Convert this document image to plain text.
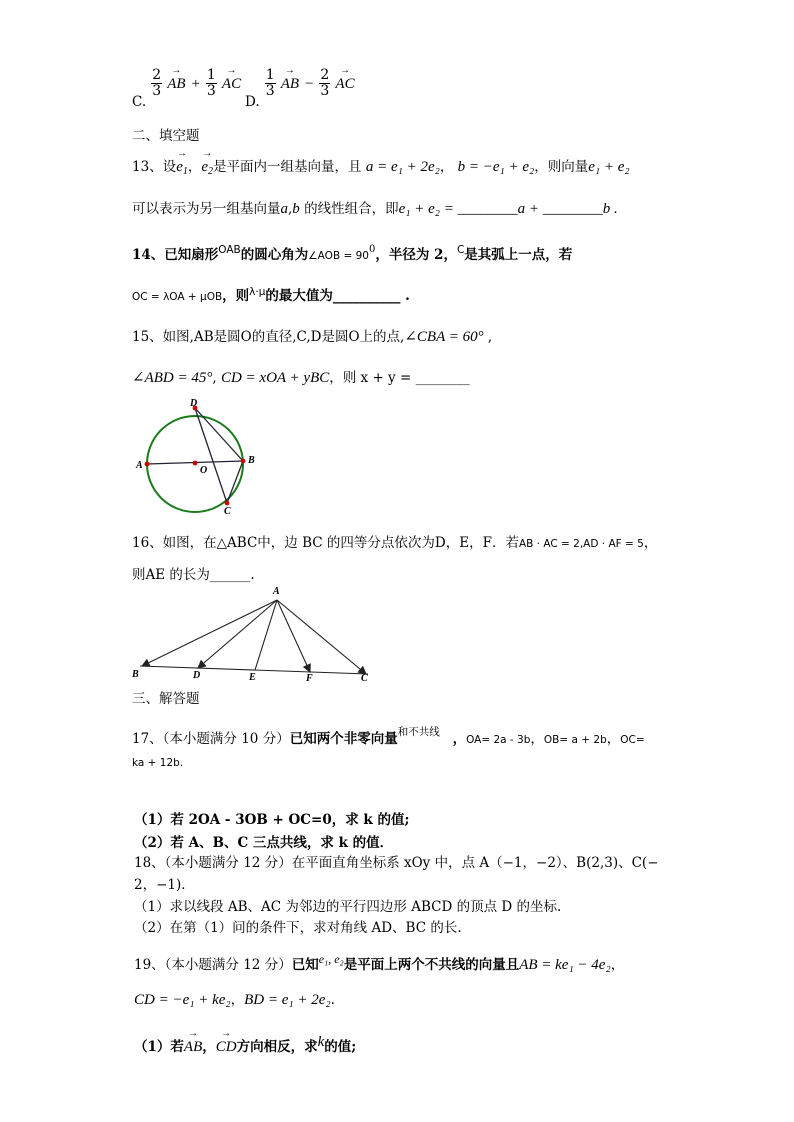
$_{C.}$
$\frac{2}{3}$ → AB + $\frac{1}{3}$ → AC
$_{D.}$
$\frac{1}{3}$ → AB − $\frac{2}{3}$ → AC
二、填空题
13、设→ $e_1$，→ $e_2$是平面内一组基向量，且 a = e₁ + 2e₂， b = −e₁ + e₂，则向量e₁ + e₂
可以表示为另一组基向量a,b 的线性组合，即e₁ + e₂ = ________a + ________b .
14、已知扇形$^{OAB}$的圆心角为∠AOB = $90^0$，半径为 2，$^C$是其弧上一点，若
OC = λOA + μOB，则$^{\lambda\cdot\mu}$的最大值为__________ .
15、如图,AB是圆O的直径,C,D是圆O上的点,∠CBA = 60° ,
∠ABD = 45°, CD = xOA + yBC，则 x + y = ________
D
A	O
B
C
16、如图，在△ABC中，边 BC 的四等分点依次为D，E，F．若AB · AC = 2,AD · AF = 5，
则AE 的长为______.
A
B	D	E	F	C
三、解答题
17、（本小题满分 10 分）已知两个非零向量$^{和不共线}$ ，OA= 2a - 3b，OB= a + 2b，OC=
ka + 12b.
（1）若 2OA - 3OB + OC=0，求 k 的值;
（2）若 A、B、C 三点共线，求 k 的值．
18、（本小题满分 12 分）在平面直角坐标系 xOy 中，点 A（−1，−2）、B(2,3)、C(−
2，−1)．
（1）求以线段 AB、AC 为邻边的平行四边形 ABCD 的顶点 D 的坐标.
（2）在第（1）问的条件下，求对角线 AD、BC 的长.
19、（本小题满分 12 分）已知e₁, e₂是平面上两个不共线的向量且AB = ke₁ − 4e₂，
CD = −e₁ + ke₂，BD = e₁ + 2e₂.
（1）若→ AB，→ CD方向相反，求k的值;
